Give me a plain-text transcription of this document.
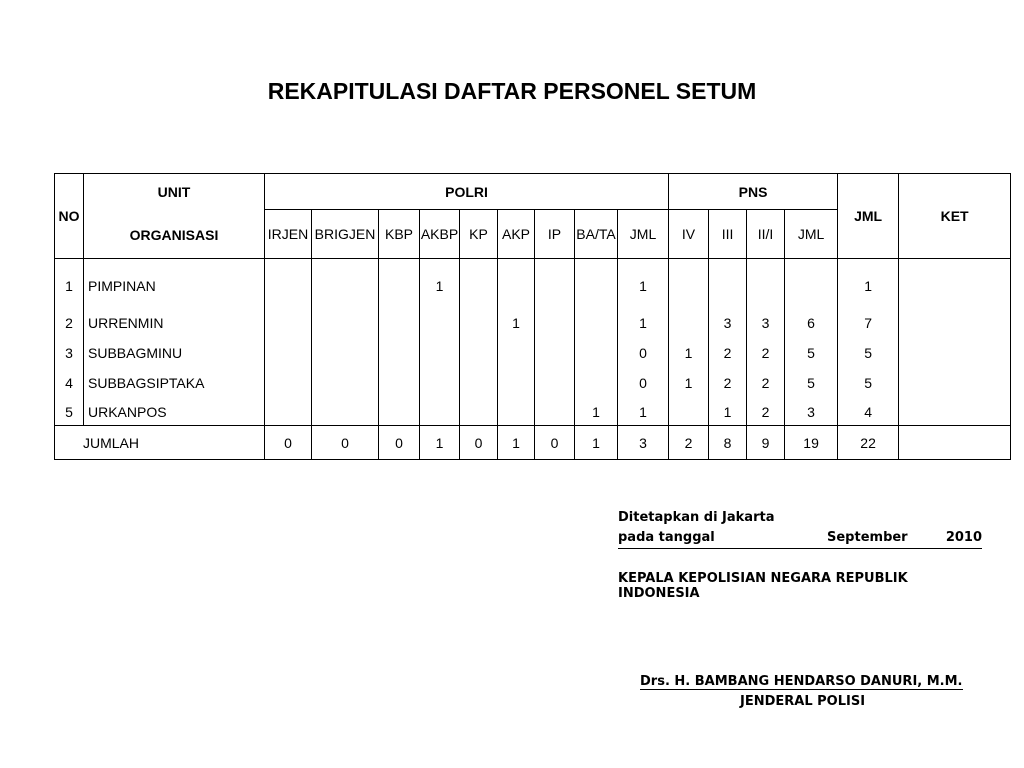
REKAPITULASI DAFTAR PERSONEL SETUM
NO	UNIT
ORGANISASI	POLRI									PNS				JML	KET
		IRJEN	BRIGJEN	KBP	AKBP	KP	AKP	IP	BA/TA	JML	IV	III	II/I	JML		
1	PIMPINAN				1					1					1	
2	URRENMIN						1			1		3	3	6	7	
3	SUBBAGMINU									0	1	2	2	5	5	
4	SUBBAGSIPTAKA									0	1	2	2	5	5	
5	URKANPOS								1	1		1	2	3	4	
JUMLAH		0	0	0	1	0	1	0	1	3	2	8	9	19	22	
Ditetapkan di Jakarta
pada tanggal	September	2010
KEPALA KEPOLISIAN NEGARA REPUBLIK INDONESIA
Drs. H. BAMBANG HENDARSO DANURI, M.M.
JENDERAL POLISI
